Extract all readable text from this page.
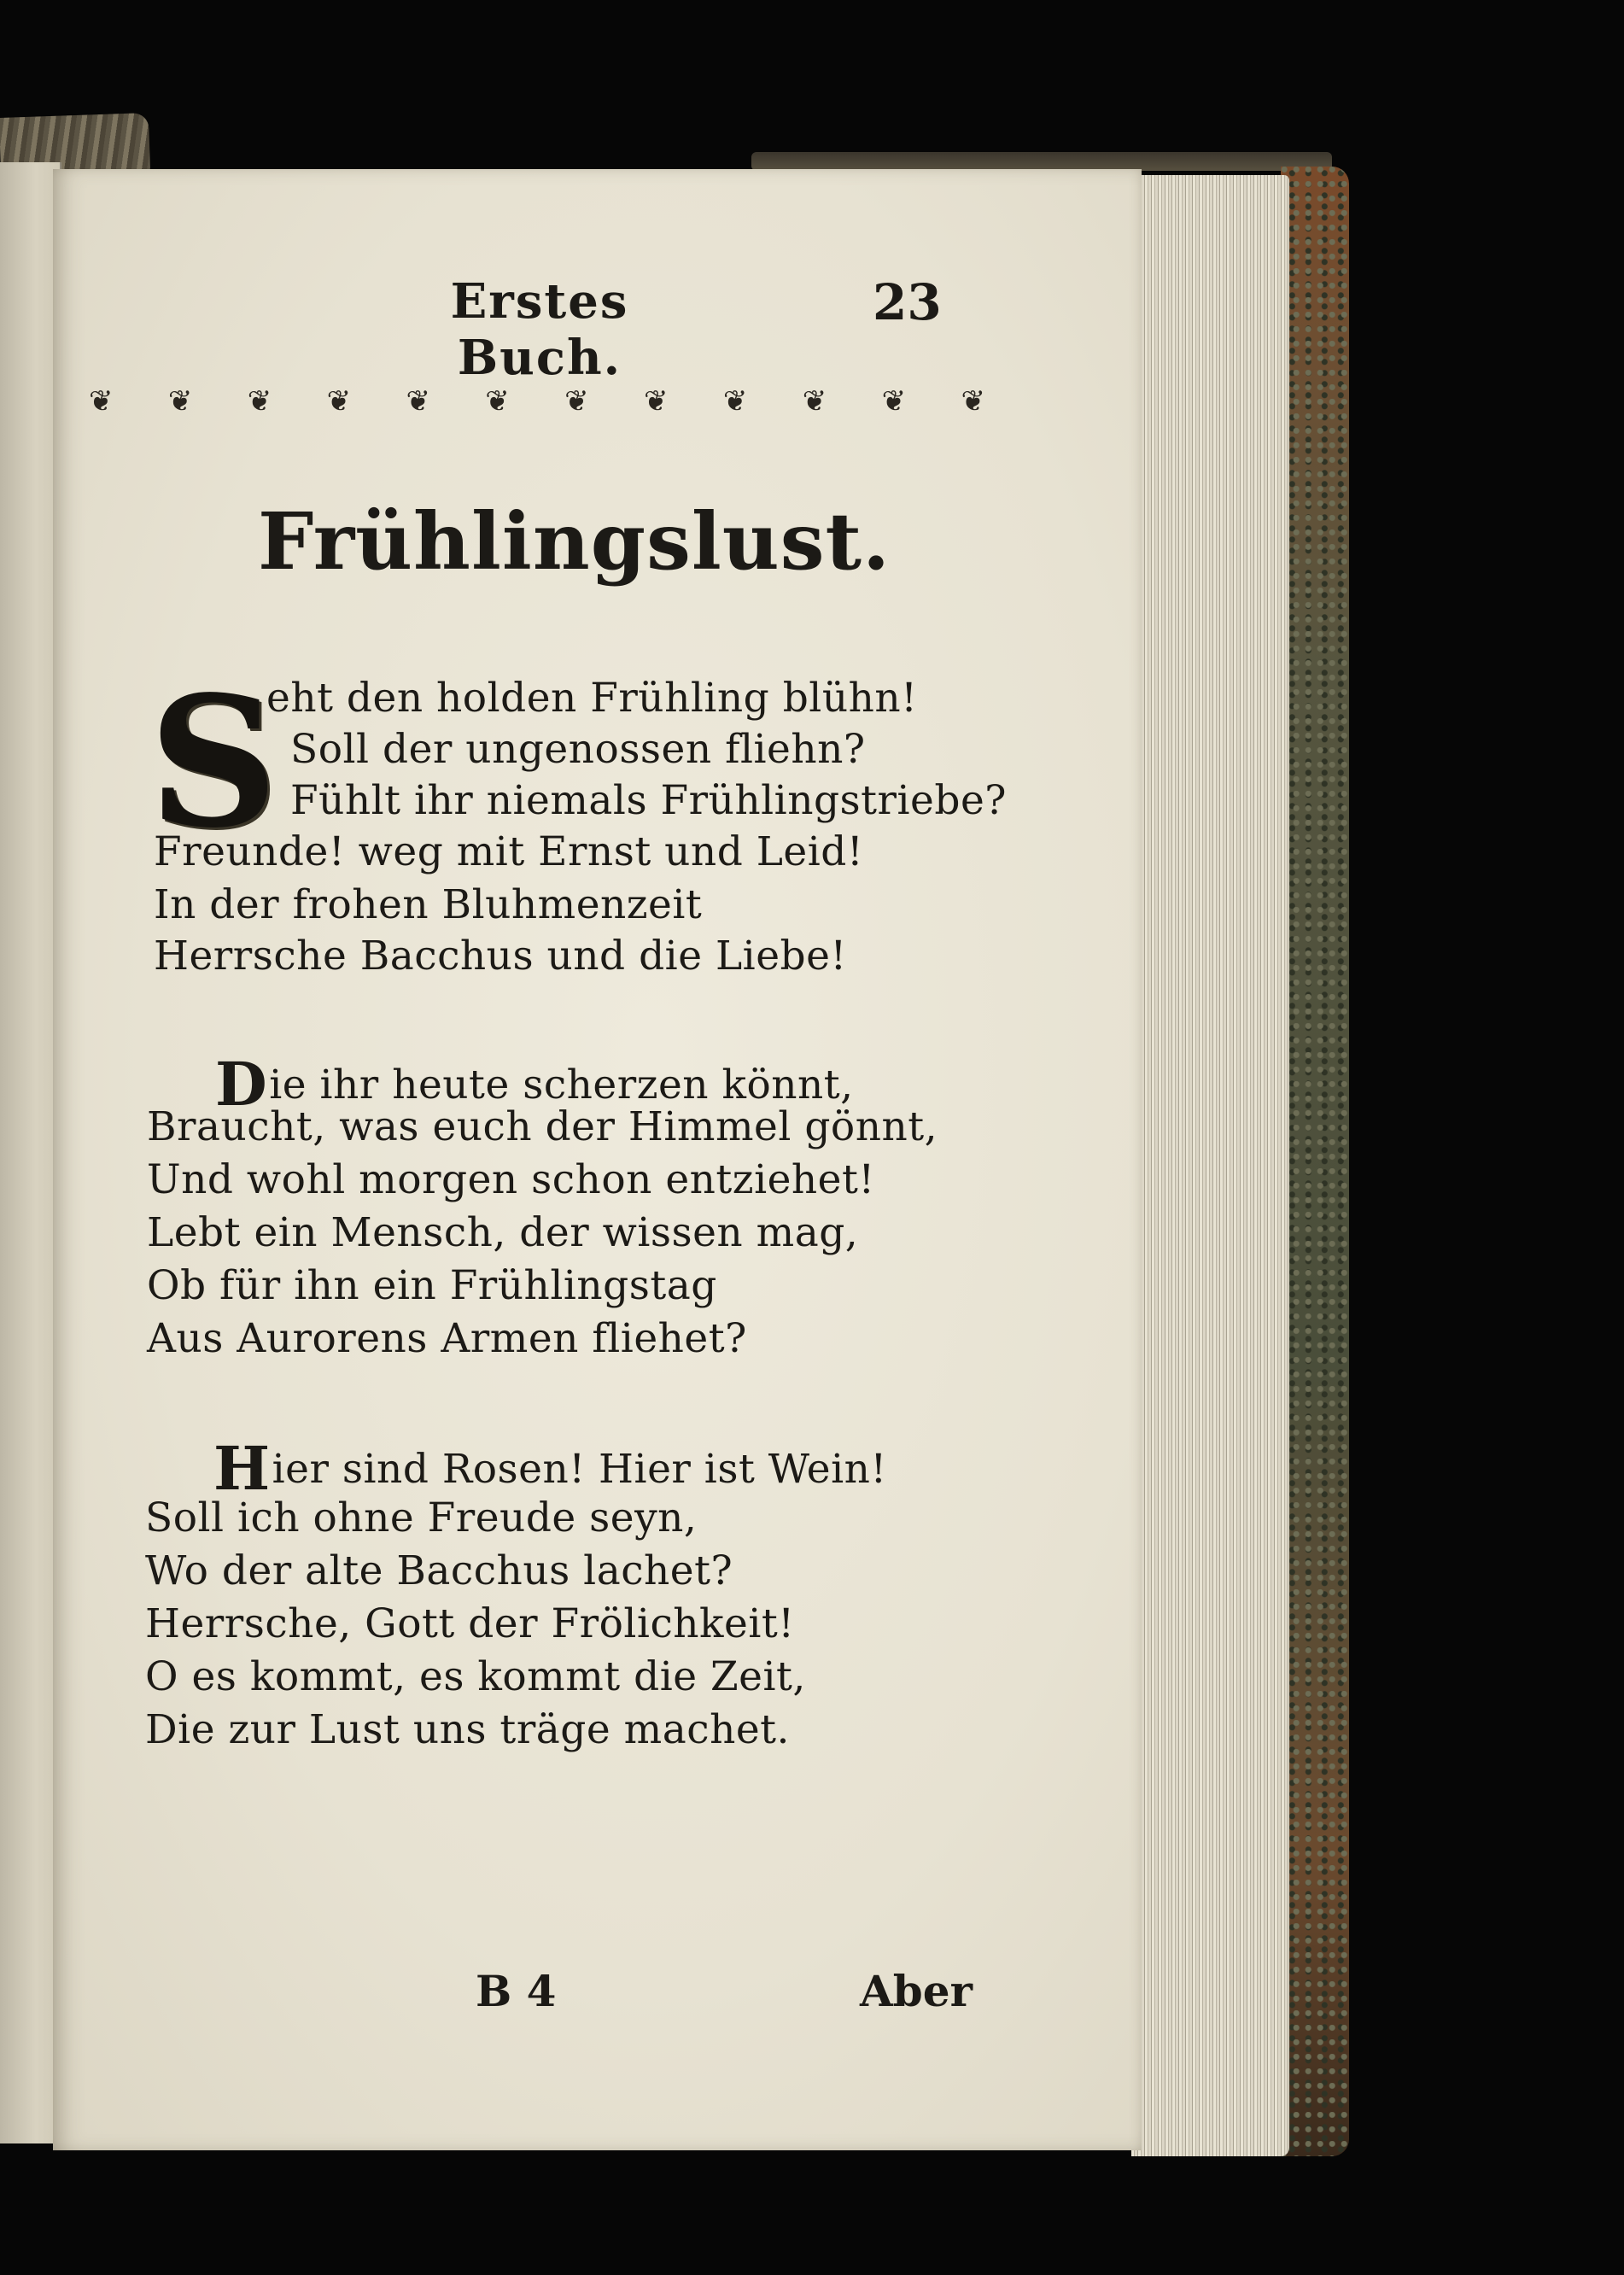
Erstes Buch.
23
❦ ❦ ❦ ❦ ❦ ❦ ❦ ❦ ❦ ❦ ❦ ❦
Frühlingslust.
S
eht den holden Frühling blühn!
Soll der ungenossen fliehn?
Fühlt ihr niemals Frühlingstriebe?
Freunde! weg mit Ernst und Leid!
In der frohen Bluhmenzeit
Herrsche Bacchus und die Liebe!
Die ihr heute scherzen könnt,
Braucht, was euch der Himmel gönnt,
Und wohl morgen schon entziehet!
Lebt ein Mensch, der wissen mag,
Ob für ihn ein Frühlingstag
Aus Aurorens Armen fliehet?
Hier sind Rosen! Hier ist Wein!
Soll ich ohne Freude seyn,
Wo der alte Bacchus lachet?
Herrsche, Gott der Frölichkeit!
O es kommt, es kommt die Zeit,
Die zur Lust uns träge machet.
B 4	Aber
